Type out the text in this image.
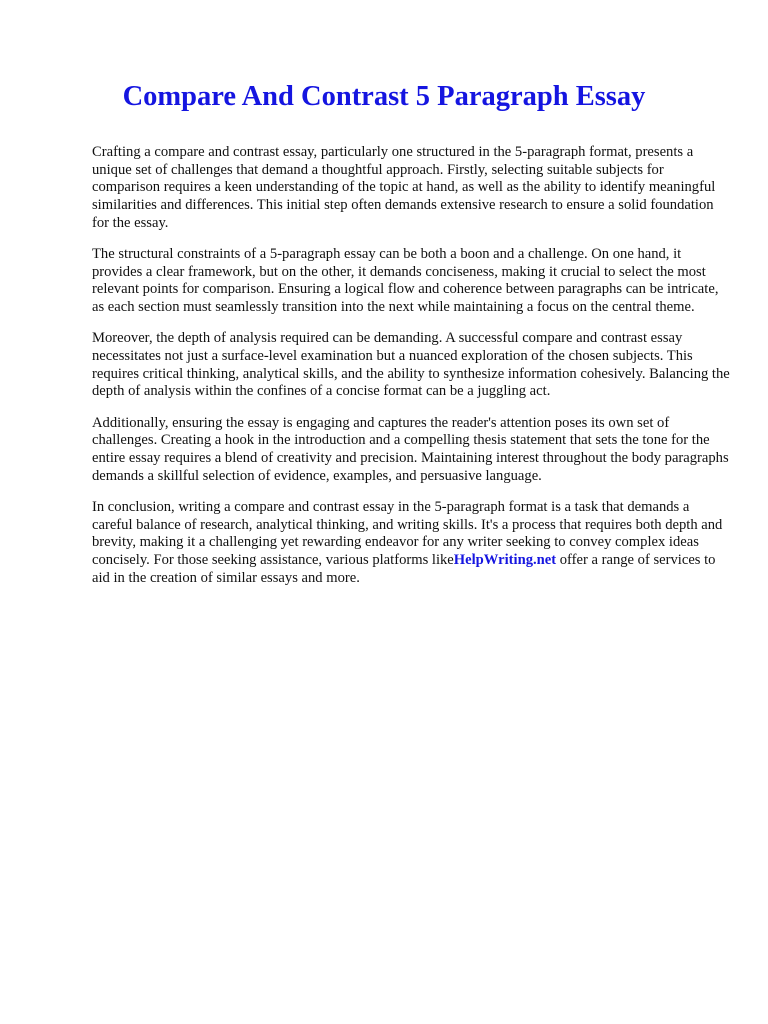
Compare And Contrast 5 Paragraph Essay

Crafting a compare and contrast essay, particularly one structured in the 5-paragraph format, presents a unique set of challenges that demand a thoughtful approach. Firstly, selecting suitable subjects for comparison requires a keen understanding of the topic at hand, as well as the ability to identify meaningful similarities and differences. This initial step often demands extensive research to ensure a solid foundation for the essay.

The structural constraints of a 5-paragraph essay can be both a boon and a challenge. On one hand, it provides a clear framework, but on the other, it demands conciseness, making it crucial to select the most relevant points for comparison. Ensuring a logical flow and coherence between paragraphs can be intricate, as each section must seamlessly transition into the next while maintaining a focus on the central theme.

Moreover, the depth of analysis required can be demanding. A successful compare and contrast essay necessitates not just a surface-level examination but a nuanced exploration of the chosen subjects. This requires critical thinking, analytical skills, and the ability to synthesize information cohesively. Balancing the depth of analysis within the confines of a concise format can be a juggling act.

Additionally, ensuring the essay is engaging and captures the reader's attention poses its own set of challenges. Creating a hook in the introduction and a compelling thesis statement that sets the tone for the entire essay requires a blend of creativity and precision. Maintaining interest throughout the body paragraphs demands a skillful selection of evidence, examples, and persuasive language.

In conclusion, writing a compare and contrast essay in the 5-paragraph format is a task that demands a careful balance of research, analytical thinking, and writing skills. It's a process that requires both depth and brevity, making it a challenging yet rewarding endeavor for any writer seeking to convey complex ideas concisely. For those seeking assistance, various platforms likeHelpWriting.net offer a range of services to aid in the creation of similar essays and more.
